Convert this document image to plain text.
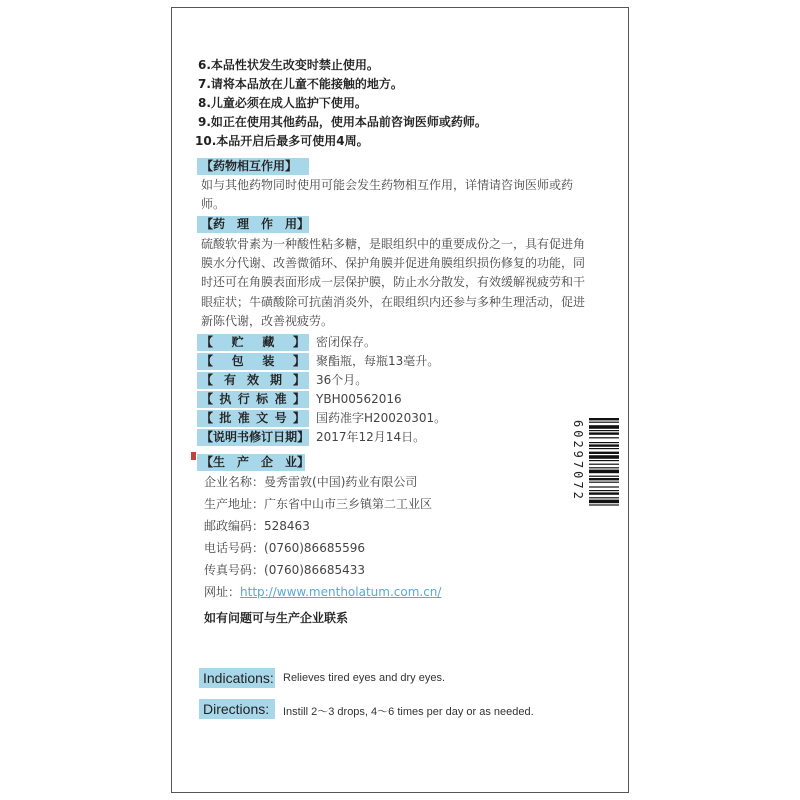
6.本品性状发生改变时禁止使用。
7.请将本品放在儿童不能接触的地方。
8.儿童必须在成人监护下使用。
9.如正在使用其他药品，使用本品前咨询医师或药师。
10.本品开启后最多可使用4周。
【药物相互作用】
如与其他药物同时使用可能会发生药物相互作用，详情请咨询医师或药师。
【药　理　作　用】
硫酸软骨素为一种酸性粘多糖，是眼组织中的重要成份之一，具有促进角膜水分代谢、改善微循环、保护角膜并促进角膜组织损伤修复的功能，同时还可在角膜表面形成一层保护膜，防止水分散发，有效缓解视疲劳和干眼症状；牛磺酸除可抗菌消炎外，在眼组织内还参与多种生理活动，促进新陈代谢，改善视疲劳。
【 贮 藏 】 密闭保存。
【 包 装 】 聚酯瓶，每瓶13毫升。
【 有 效 期 】 36个月。
【 执 行 标 准 】 YBH00562016
【 批 准 文 号 】 国药准字H20020301。
【 说 明 书 修 订 日 期 】 2017年12月14日。
【生　产　企　业】
企业名称：曼秀雷敦(中国)药业有限公司
生产地址：广东省中山市三乡镇第二工业区
邮政编码：528463
电话号码：(0760)86685596
传真号码：(0760)86685433
网址：http://www.mentholatum.com.cn/
如有问题可与生产企业联系
Indications: Relieves tired eyes and dry eyes.
Directions:	Instill 2～3 drops, 4～6 times per day or as needed.
60297072
